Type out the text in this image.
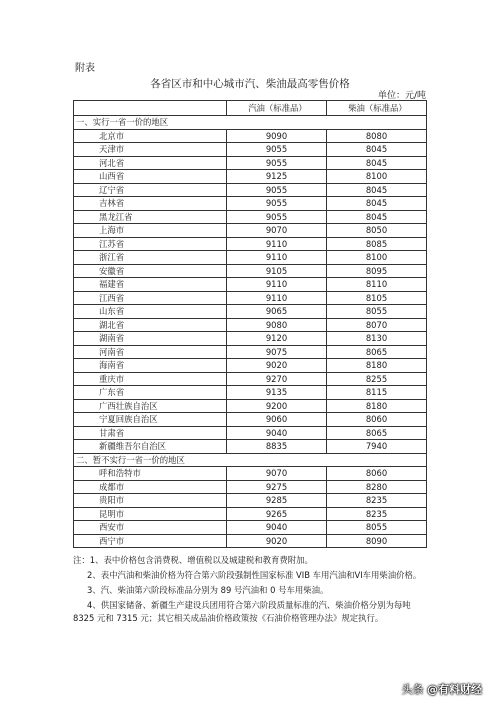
附表
各省区市和中心城市汽、柴油最高零售价格
单位：元/吨
	汽油（标准品）	柴油（标准品）
一、实行一省一价的地区		
北京市	9090	8080
天津市	9055	8045
河北省	9055	8045
山西省	9125	8100
辽宁省	9055	8045
吉林省	9055	8045
黑龙江省	9055	8045
上海市	9070	8050
江苏省	9110	8085
浙江省	9110	8100
安徽省	9105	8095
福建省	9110	8110
江西省	9110	8105
山东省	9065	8055
湖北省	9080	8070
湖南省	9120	8130
河南省	9075	8065
海南省	9020	8180
重庆市	9270	8255
广东省	9135	8115
广西壮族自治区	9200	8180
宁夏回族自治区	9060	8060
甘肃省	9040	8065
新疆维吾尔自治区	8835	7940
二、暂不实行一省一价的地区		
呼和浩特市	9070	8060
成都市	9275	8280
贵阳市	9285	8235
昆明市	9265	8235
西安市	9040	8055
西宁市	9020	8090
注：1、表中价格包含消费税、增值税以及城建税和教育费附加。
2、表中汽油和柴油价格为符合第六阶段强制性国家标准 VIB 车用汽油和VI车用柴油价格。
3、汽、柴油第六阶段标准品分别为 89 号汽油和 0 号车用柴油。
4、供国家储备、新疆生产建设兵团用符合第六阶段质量标准的汽、柴油价格分别为每吨 8325 元和 7315 元；其它相关成品油价格政策按《石油价格管理办法》规定执行。
头条 @有料财经
